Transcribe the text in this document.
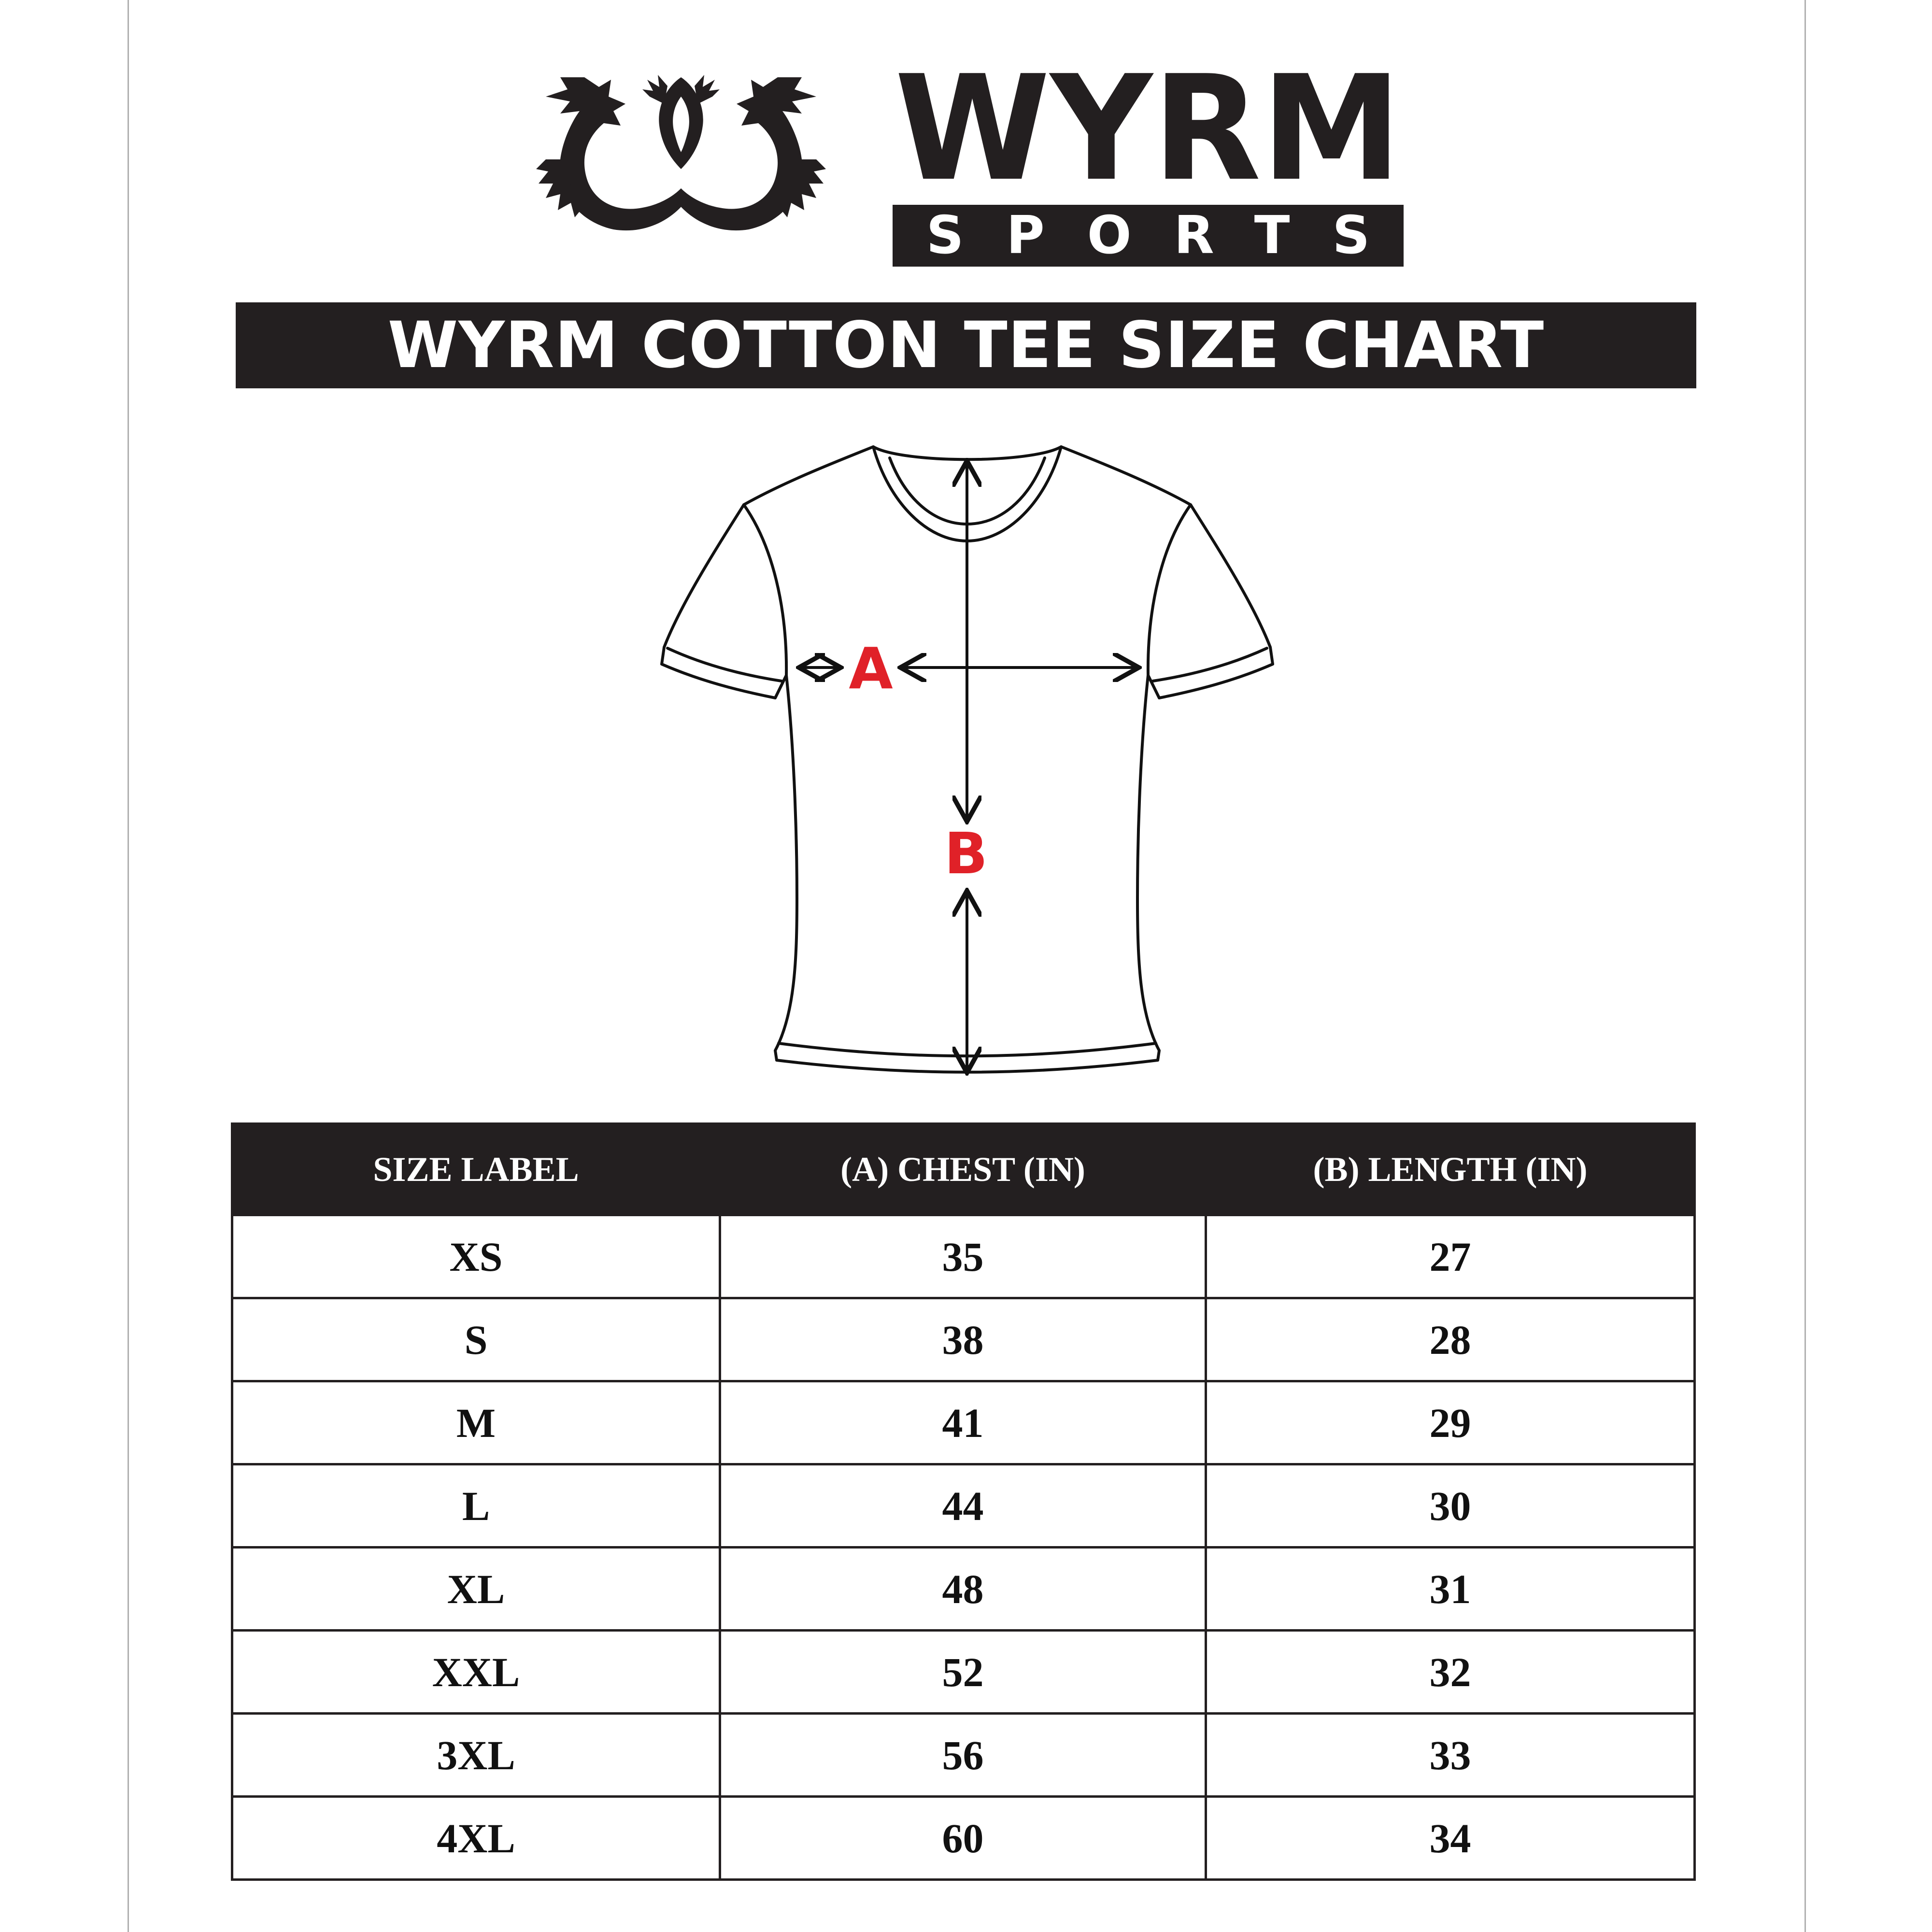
WYRM
SPORTS
WYRM COTTON TEE SIZE CHART
A
B
SIZE LABEL	(A) CHEST (IN)	(B) LENGTH (IN)
XS	35	27
S	38	28
M	41	29
L	44	30
XL	48	31
XXL	52	32
3XL	56	33
4XL	60	34
